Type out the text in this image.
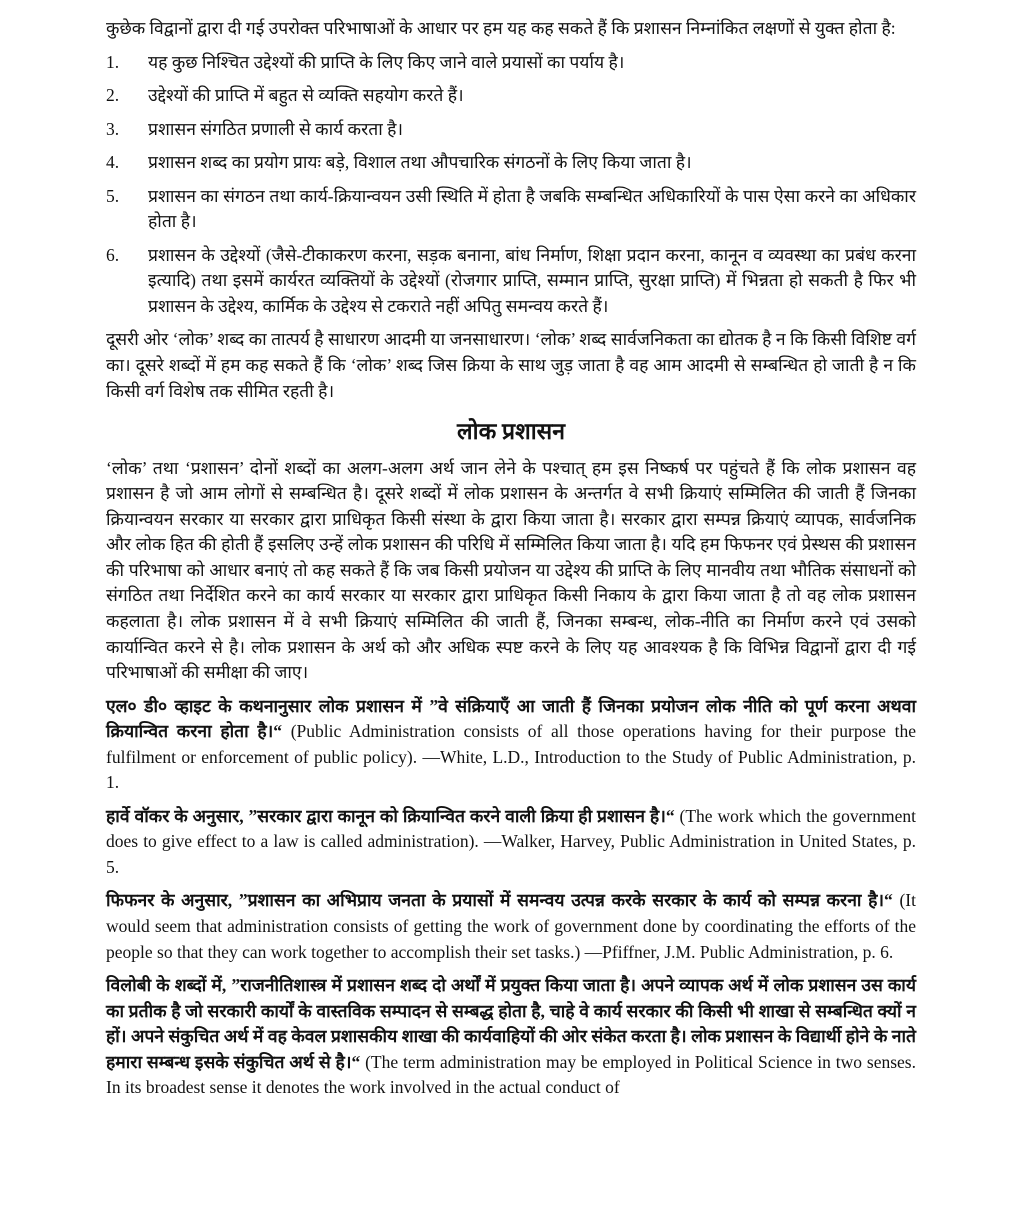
कुछेक विद्वानों द्वारा दी गई उपरोक्त परिभाषाओं के आधार पर हम यह कह सकते हैं कि प्रशासन निम्नांकित लक्षणों से युक्त होता है:

1.	यह कुछ निश्चित उद्देश्यों की प्राप्ति के लिए किए जाने वाले प्रयासों का पर्याय है।
2.	उद्देश्यों की प्राप्ति में बहुत से व्यक्ति सहयोग करते हैं।
3.	प्रशासन संगठित प्रणाली से कार्य करता है।
4.	प्रशासन शब्द का प्रयोग प्रायः बड़े, विशाल तथा औपचारिक संगठनों के लिए किया जाता है।
5.	प्रशासन का संगठन तथा कार्य-क्रियान्वयन उसी स्थिति में होता है जबकि सम्बन्धित अधिकारियों के पास ऐसा करने का अधिकार होता है।
6.	प्रशासन के उद्देश्यों (जैसे-टीकाकरण करना, सड़क बनाना, बांध निर्माण, शिक्षा प्रदान करना, कानून व व्यवस्था का प्रबंध करना इत्यादि) तथा इसमें कार्यरत व्यक्तियों के उद्देश्यों (रोजगार प्राप्ति, सम्मान प्राप्ति, सुरक्षा प्राप्ति) में भिन्नता हो सकती है फिर भी प्रशासन के उद्देश्य, कार्मिक के उद्देश्य से टकराते नहीं अपितु समन्वय करते हैं।

दूसरी ओर ‘लोक’ शब्द का तात्पर्य है साधारण आदमी या जनसाधारण। ‘लोक’ शब्द सार्वजनिकता का द्योतक है न कि किसी विशिष्ट वर्ग का। दूसरे शब्दों में हम कह सकते हैं कि ‘लोक’ शब्द जिस क्रिया के साथ जुड़ जाता है वह आम आदमी से सम्बन्धित हो जाती है न कि किसी वर्ग विशेष तक सीमित रहती है।

लोक प्रशासन

‘लोक’ तथा ‘प्रशासन’ दोनों शब्दों का अलग-अलग अर्थ जान लेने के पश्चात् हम इस निष्कर्ष पर पहुंचते हैं कि लोक प्रशासन वह प्रशासन है जो आम लोगों से सम्बन्धित है। दूसरे शब्दों में लोक प्रशासन के अन्तर्गत वे सभी क्रियाएं सम्मिलित की जाती हैं जिनका क्रियान्वयन सरकार या सरकार द्वारा प्राधिकृत किसी संस्था के द्वारा किया जाता है। सरकार द्वारा सम्पन्न क्रियाएं व्यापक, सार्वजनिक और लोक हित की होती हैं इसलिए उन्हें लोक प्रशासन की परिधि में सम्मिलित किया जाता है। यदि हम फिफनर एवं प्रेस्थस की प्रशासन की परिभाषा को आधार बनाएं तो कह सकते हैं कि जब किसी प्रयोजन या उद्देश्य की प्राप्ति के लिए मानवीय तथा भौतिक संसाधनों को संगठित तथा निर्देशित करने का कार्य सरकार या सरकार द्वारा प्राधिकृत किसी निकाय के द्वारा किया जाता है तो वह लोक प्रशासन कहलाता है। लोक प्रशासन में वे सभी क्रियाएं सम्मिलित की जाती हैं, जिनका सम्बन्ध, लोक-नीति का निर्माण करने एवं उसको कार्यान्वित करने से है। लोक प्रशासन के अर्थ को और अधिक स्पष्ट करने के लिए यह आवश्यक है कि विभिन्न विद्वानों द्वारा दी गई परिभाषाओं की समीक्षा की जाए।

एल० डी० व्हाइट के कथनानुसार लोक प्रशासन में ”वे संक्रियाएँ आ जाती हैं जिनका प्रयोजन लोक नीति को पूर्ण करना अथवा क्रियान्वित करना होता है।“ (Public Administration consists of all those operations having for their purpose the fulfilment or enforcement of public policy). —White, L.D., Introduction to the Study of Public Administration, p. 1.

हार्वे वॉकर के अनुसार, ”सरकार द्वारा कानून को क्रियान्वित करने वाली क्रिया ही प्रशासन है।“ (The work which the government does to give effect to a law is called administration). —Walker, Harvey, Public Administration in United States, p. 5.

फिफनर के अनुसार, ”प्रशासन का अभिप्राय जनता के प्रयासों में समन्वय उत्पन्न करके सरकार के कार्य को सम्पन्न करना है।“ (It would seem that administration consists of getting the work of government done by coordinating the efforts of the people so that they can work together to accomplish their set tasks.) —Pfiffner, J.M. Public Administration, p. 6.

विलोबी के शब्दों में, ”राजनीतिशास्त्र में प्रशासन शब्द दो अर्थों में प्रयुक्त किया जाता है। अपने व्यापक अर्थ में लोक प्रशासन उस कार्य का प्रतीक है जो सरकारी कार्यों के वास्तविक सम्पादन से सम्बद्ध होता है, चाहे वे कार्य सरकार की किसी भी शाखा से सम्बन्धित क्यों न हों। अपने संकुचित अर्थ में वह केवल प्रशासकीय शाखा की कार्यवाहियों की ओर संकेत करता है। लोक प्रशासन के विद्यार्थी होने के नाते हमारा सम्बन्ध इसके संकुचित अर्थ से है।“ (The term administration may be employed in Political Science in two senses. In its broadest sense it denotes the work involved in the actual conduct of
